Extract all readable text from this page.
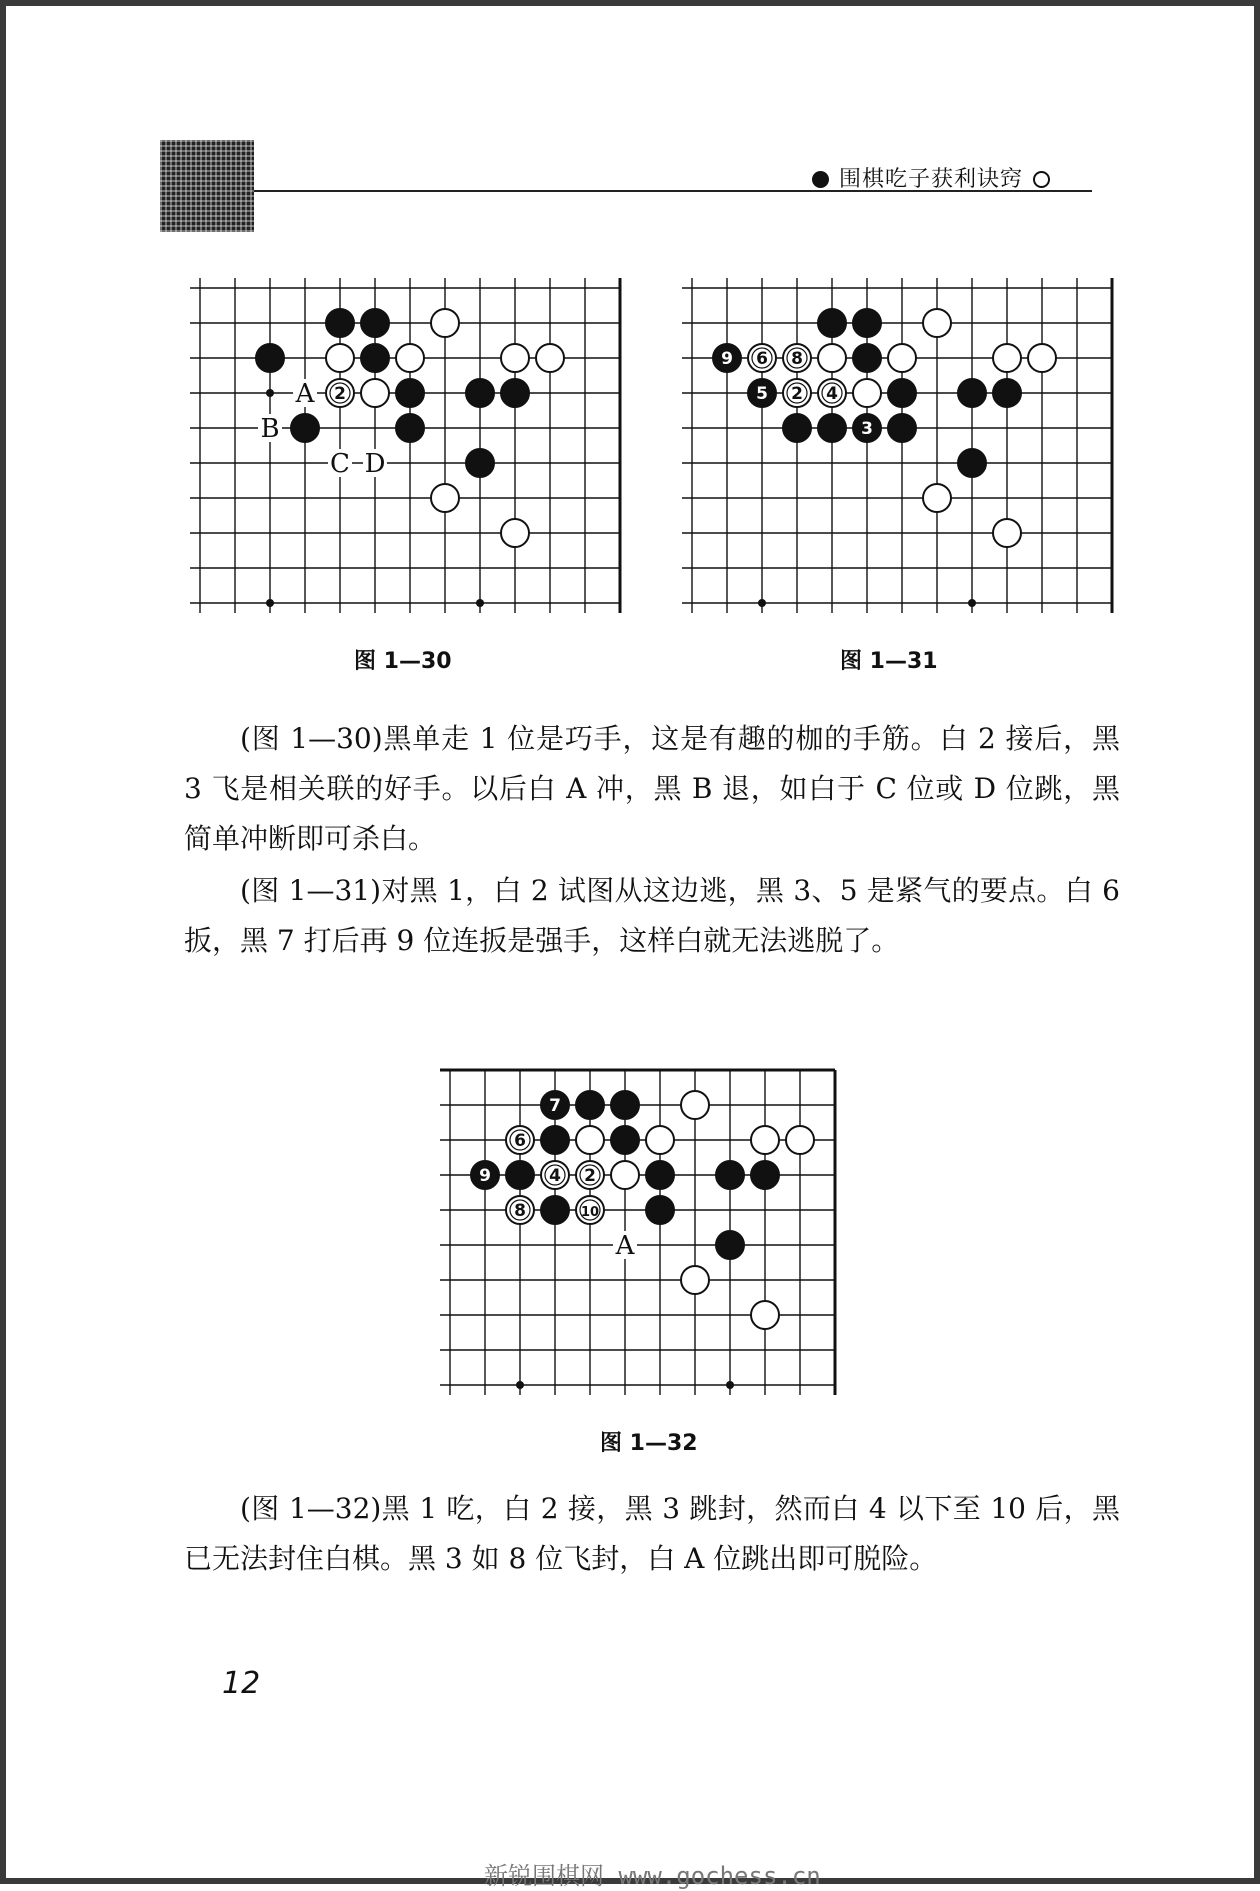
围棋吃子获利诀窍
2
A
B
C D
图 1—30
9 6 8
5 2 4
3
图 1—31

(图 1—30)黑单走 1 位是巧手，这是有趣的枷的手筋。白 2 接后，黑 3 飞是相关联的好手。以后白 A 冲，黑 B 退，如白于 C 位或 D 位跳，黑简单冲断即可杀白。

(图 1—31)对黑 1，白 2 试图从这边逃，黑 3、5 是紧气的要点。白 6 扳，黑 7 打后再 9 位连扳是强手，这样白就无法逃脱了。

7
6
9	4 2
8	10
A
图 1—32

(图 1—32)黑 1 吃，白 2 接，黑 3 跳封，然而白 4 以下至 10 后，黑已无法封住白棋。黑 3 如 8 位飞封，白 A 位跳出即可脱险。

12
新锐围棋网 www.gochess.cn
